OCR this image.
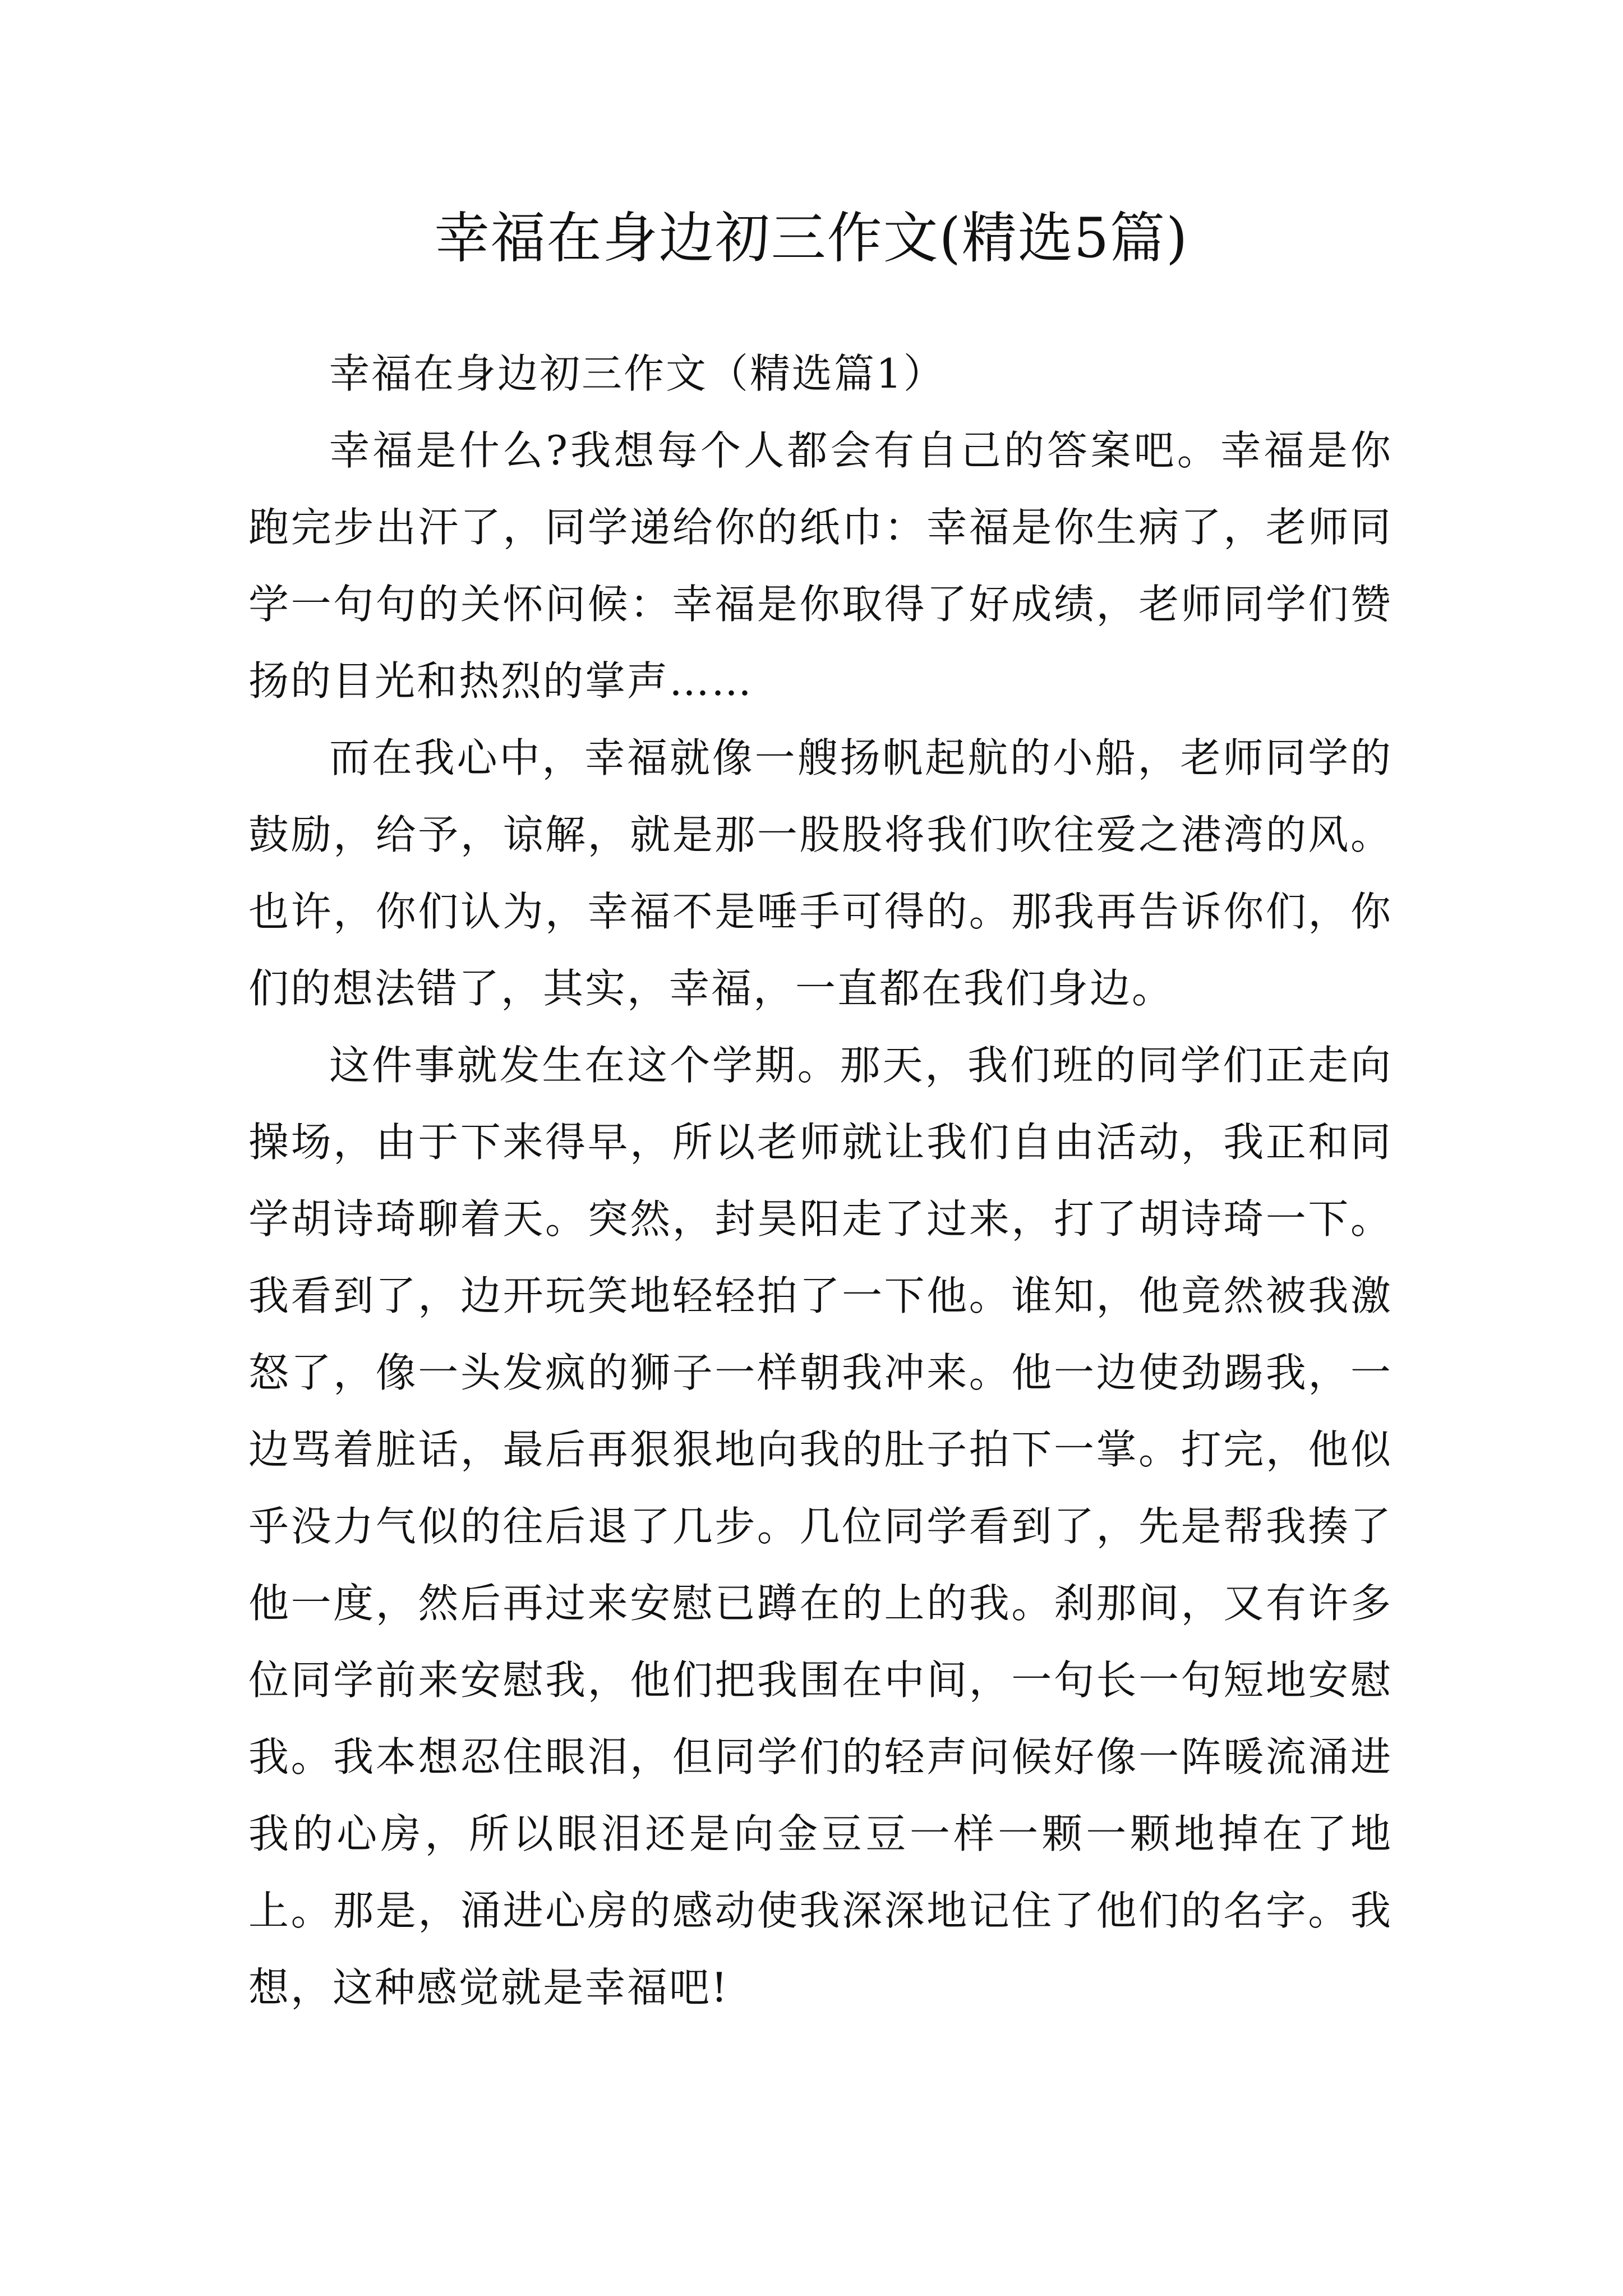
幸福在身边初三作文(精选5篇)

幸福在身边初三作文（精选篇1）

幸福是什么?我想每个人都会有自己的答案吧。幸福是你跑完步出汗了，同学递给你的纸巾：幸福是你生病了，老师同学一句句的关怀问候：幸福是你取得了好成绩，老师同学们赞扬的目光和热烈的掌声……

而在我心中，幸福就像一艘扬帆起航的小船，老师同学的鼓励，给予，谅解，就是那一股股将我们吹往爱之港湾的风。也许，你们认为，幸福不是唾手可得的。那我再告诉你们，你们的想法错了，其实，幸福，一直都在我们身边。

这件事就发生在这个学期。那天，我们班的同学们正走向操场，由于下来得早，所以老师就让我们自由活动，我正和同学胡诗琦聊着天。突然，封昊阳走了过来，打了胡诗琦一下。我看到了，边开玩笑地轻轻拍了一下他。谁知，他竟然被我激怒了，像一头发疯的狮子一样朝我冲来。他一边使劲踢我，一边骂着脏话，最后再狠狠地向我的肚子拍下一掌。打完，他似乎没力气似的往后退了几步。几位同学看到了，先是帮我揍了他一度，然后再过来安慰已蹲在的上的我。刹那间，又有许多位同学前来安慰我，他们把我围在中间，一句长一句短地安慰我。我本想忍住眼泪，但同学们的轻声问候好像一阵暖流涌进我的心房，所以眼泪还是向金豆豆一样一颗一颗地掉在了地上。那是，涌进心房的感动使我深深地记住了他们的名字。我想，这种感觉就是幸福吧!
